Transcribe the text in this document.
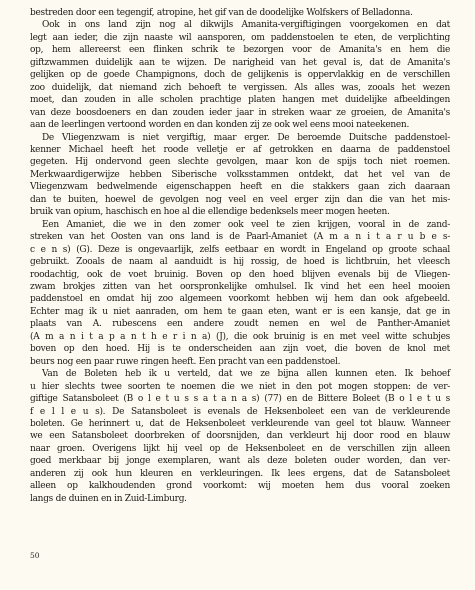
bestreden door een tegengif, atropine, het gif van de doodelijke Wolfskers of Belladonna.
Ook in ons land zijn nog al dikwijls Amanita-vergiftigingen voorgekomen en dat
legt aan ieder, die zijn naaste wil aansporen, om paddenstoelen te eten, de verplichting
op, hem allereerst een flinken schrik te bezorgen voor de Amanita's en hem die
giftzwammen duidelijk aan te wijzen. De narigheid van het geval is, dat de Amanita's
gelijken op de goede Champignons, doch de gelijkenis is oppervlakkig en de verschillen
zoo duidelijk, dat niemand zich behoeft te vergissen. Als alles was, zooals het wezen
moet, dan zouden in alle scholen prachtige platen hangen met duidelijke afbeeldingen
van deze boosdoeners en dan zouden ieder jaar in streken waar ze groeien, de Amanita's
aan de leerlingen vertoond worden en dan konden zij ze ook wel eens mooi nateekenen.
De Vliegenzwam is niet vergiftig, maar erger. De beroemde Duitsche paddenstoel-
kenner Michael heeft het roode velletje er af getrokken en daarna de paddenstoel
gegeten. Hij ondervond geen slechte gevolgen, maar kon de spijs toch niet roemen.
Merkwaardigerwijze hebben Siberische volksstammen ontdekt, dat het vel van de
Vliegenzwam bedwelmende eigenschappen heeft en die stakkers gaan zich daaraan
dan te buiten, hoewel de gevolgen nog veel en veel erger zijn dan die van het mis-
bruik van opium, haschisch en hoe al die ellendige bedenksels meer mogen heeten.
Een Amaniet, die we in den zomer ook veel te zien krijgen, vooral in de zand-
streken van het Oosten van ons land is de Paarl-Amaniet (A m a n i t a r u b e s-
c e n s) (G). Deze is ongevaarlijk, zelfs eetbaar en wordt in Engeland op groote schaal
gebruikt. Zooals de naam al aanduidt is hij rossig, de hoed is lichtbruin, het vleesch
roodachtig, ook de voet bruinig. Boven op den hoed blijven evenals bij de Vliegen-
zwam brokjes zitten van het oorspronkelijke omhulsel. Ik vind het een heel mooien
paddenstoel en omdat hij zoo algemeen voorkomt hebben wij hem dan ook afgebeeld.
Echter mag ik u niet aanraden, om hem te gaan eten, want er is een kansje, dat ge in
plaats van A. rubescens een andere zoudt nemen en wel de Panther-Amaniet
(A m a n i t a p a n t h e r i n a) (J), die ook bruinig is en met veel witte schubjes
boven op den hoed. Hij is te onderscheiden aan zijn voet, die boven de knol met
beurs nog een paar ruwe ringen heeft. Een pracht van een paddenstoel.
Van de Boleten heb ik u verteld, dat we ze bijna allen kunnen eten. Ik behoef
u hier slechts twee soorten te noemen die we niet in den pot mogen stoppen: de ver-
giftige Satansboleet (B o l e t u s s a t a n a s) (77) en de Bittere Boleet (B o l e t u s
f e l l e u s). De Satansboleet is evenals de Heksenboleet een van de verkleurende
boleten. Ge herinnert u, dat de Heksenboleet verkleurende van geel tot blauw. Wanneer
we een Satansboleet doorbreken of doorsnijden, dan verkleurt hij door rood en blauw
naar groen. Overigens lijkt hij veel op de Heksenboleet en de verschillen zijn alleen
goed merkbaar bij jonge exemplaren, want als deze boleten ouder worden, dan ver-
anderen zij ook hun kleuren en verkleuringen. Ik lees ergens, dat de Satansboleet
alleen op kalkhoudenden grond voorkomt: wij moeten hem dus vooral zoeken
langs de duinen en in Zuid-Limburg.
50
